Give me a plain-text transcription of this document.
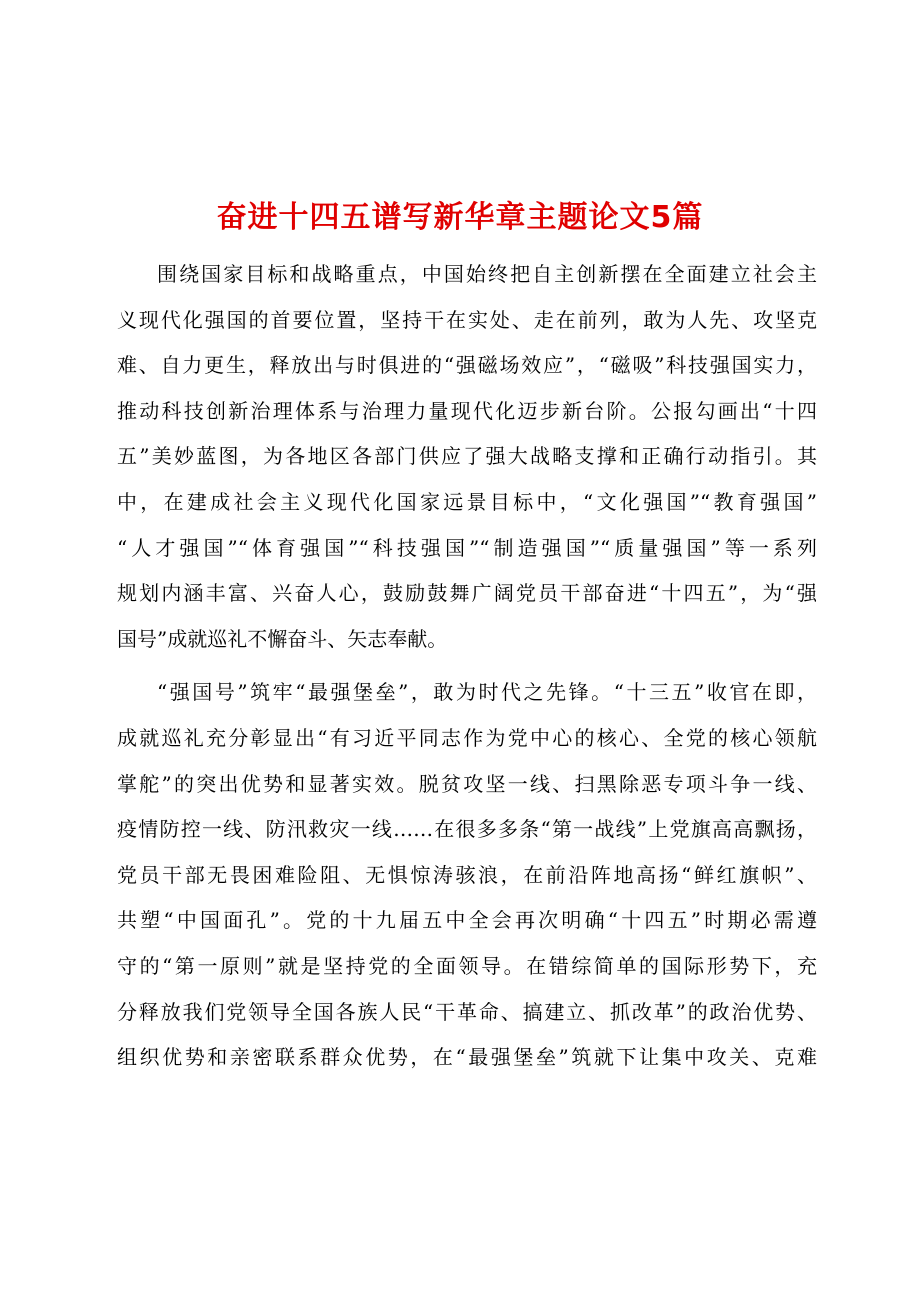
奋进十四五谱写新华章主题论文5篇
围绕国家目标和战略重点，中国始终把自主创新摆在全面建立社会主
义现代化强国的首要位置，坚持干在实处、走在前列，敢为人先、攻坚克
难、自力更生，释放出与时俱进的“强磁场效应”，“磁吸”科技强国实力，
推动科技创新治理体系与治理力量现代化迈步新台阶。公报勾画出“十四
五”美妙蓝图，为各地区各部门供应了强大战略支撑和正确行动指引。其
中，在建成社会主义现代化国家远景目标中，“文化强国”“教育强国”
“人才强国”“体育强国”“科技强国”“制造强国”“质量强国”等一系列
规划内涵丰富、兴奋人心，鼓励鼓舞广阔党员干部奋进“十四五”，为“强
国号”成就巡礼不懈奋斗、矢志奉献。
“强国号”筑牢“最强堡垒”，敢为时代之先锋。“十三五”收官在即，
成就巡礼充分彰显出“有习近平同志作为党中心的核心、全党的核心领航
掌舵”的突出优势和显著实效。脱贫攻坚一线、扫黑除恶专项斗争一线、
疫情防控一线、防汛救灾一线……在很多多条“第一战线”上党旗高高飘扬，
党员干部无畏困难险阻、无惧惊涛骇浪，在前沿阵地高扬“鲜红旗帜”、
共塑“中国面孔”。党的十九届五中全会再次明确“十四五”时期必需遵
守的“第一原则”就是坚持党的全面领导。在错综简单的国际形势下，充
分释放我们党领导全国各族人民“干革命、搞建立、抓改革”的政治优势、
组织优势和亲密联系群众优势，在“最强堡垒”筑就下让集中攻关、克难
